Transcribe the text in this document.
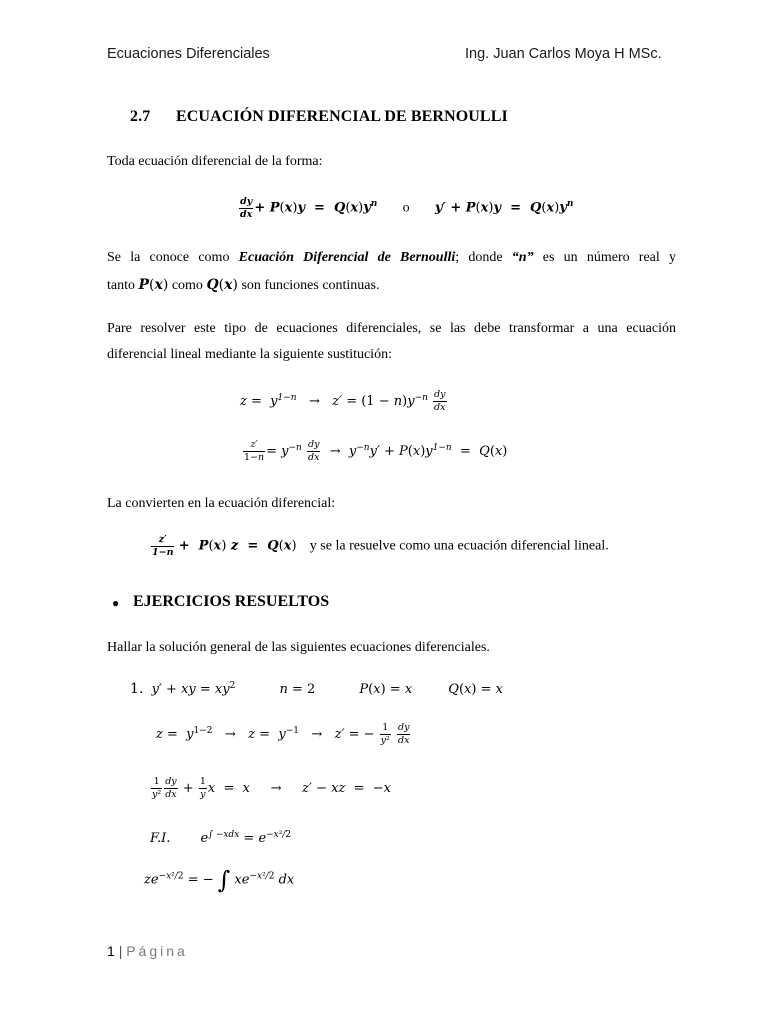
Ecuaciones Diferenciales	Ing. Juan Carlos Moya H MSc.
2.7 ECUACIÓN DIFERENCIAL DE BERNOULLI
Toda ecuación diferencial de la forma:
$\frac{dy}{dx} + P(x)y = Q(x)y^n$ o $y' + P(x)y = Q(x)y^n$
Se la conoce como Ecuación Diferencial de Bernoulli; donde “n” es un número real y
tanto P(x) como Q(x) son funciones continuas.
Pare resolver este tipo de ecuaciones diferenciales, se las debe transformar a una ecuación
diferencial lineal mediante la siguiente sustitución:
$z = y^{1-n} \to z' = (1 - n)y^{-n} \frac{dy}{dx}$
$\frac{z'}{1-n} = y^{-n} \frac{dy}{dx} \to y^{-n}y' + P(x)y^{1-n} = Q(x)$
La convierten en la ecuación diferencial:
$\frac{z'}{1-n} + P(x) z = Q(x)$ y se la resuelve como una ecuación diferencial lineal.
● EJERCICIOS RESUELTOS
Hallar la solución general de las siguientes ecuaciones diferenciales.
1.  y′ + xy = $xy^2$	n = 2	P(x) = x Q(x) = x
$z = y^{1-2} \to z = y^{-1} \to z'$ = − $\frac{1}{\text{y²}}$
$\frac{dy}{dx}$
$\frac{1}{\text{y²}} \frac{dy}{dx} + \frac{1}{y}$ x  =  x     →     z′ − xz  =  −x
F.I. $e^{\int -xdx} = e^{-x^2/2}$
$ze^{-x^2/2}$ = − ∫ $xe^{-x^2/2}$ dx
1 | Página
